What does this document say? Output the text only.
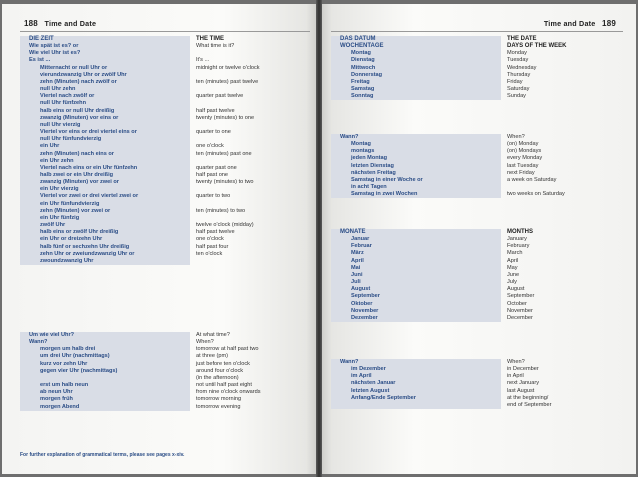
188 Time and Date
DIE ZEIT	THE TIME
Wie spät ist es? or	What time is it?
Wie viel Uhr ist es?
Es ist ...	It's ...
Mitternacht or null Uhr or	midnight or twelve o'clock
vierundzwanzig Uhr or zwölf Uhr
zehn (Minuten) nach zwölf or	ten (minutes) past twelve
null Uhr zehn
Viertel nach zwölf or	quarter past twelve
null Uhr fünfzehn
halb eins or null Uhr dreißig	half past twelve
zwanzig (Minuten) vor eins or	twenty (minutes) to one
null Uhr vierzig
Viertel vor eins or drei viertel eins or	quarter to one
null Uhr fünfundvierzig
ein Uhr	one o'clock
zehn (Minuten) nach eins or	ten (minutes) past one
ein Uhr zehn
Viertel nach eins or ein Uhr fünfzehn	quarter past one
halb zwei or ein Uhr dreißig	half past one
zwanzig (Minuten) vor zwei or	twenty (minutes) to two
ein Uhr vierzig
Viertel vor zwei or drei viertel zwei or	quarter to two
ein Uhr fünfundvierzig
zehn (Minuten) vor zwei or	ten (minutes) to two
ein Uhr fünfzig
zwölf Uhr	twelve o'clock (midday)
halb eins or zwölf Uhr dreißig	half past twelve
ein Uhr or dreizehn Uhr	one o'clock
halb fünf or sechzehn Uhr dreißig	half past four
zehn Uhr or zweiundzwanzig Uhr or	ten o'clock
zwoundzwanzig Uhr
Um wie viel Uhr?	At what time?
Wann?	When?
morgen um halb drei	tomorrow at half past two
um drei Uhr (nachmittags)	at three (pm)
kurz vor zehn Uhr	just before ten o'clock
gegen vier Uhr (nachmittags)	around four o'clock
(in the afternoon)
erst um halb neun	not until half past eight
ab neun Uhr	from nine o'clock onwards
morgen früh	tomorrow morning
morgen Abend	tomorrow evening
For further explanation of grammatical terms, please see pages x-xiv.
Time and Date 189
DAS DATUM	THE DATE
WOCHENTAGE	DAYS OF THE WEEK
Montag	Monday
Dienstag	Tuesday
Mittwoch	Wednesday
Donnerstag	Thursday
Freitag	Friday
Samstag	Saturday
Sonntag	Sunday
Wann?	When?
Montag	(on) Monday
montags	(on) Mondays
jeden Montag	every Monday
letzten Dienstag	last Tuesday
nächsten Freitag	next Friday
Samstag in einer Woche or	a week on Saturday
in acht Tagen
Samstag in zwei Wochen	two weeks on Saturday
MONATE	MONTHS
Januar	January
Februar	February
März	March
April	April
Mai	May
Juni	June
Juli	July
August	August
September	September
Oktober	October
November	November
Dezember	December
Wann?	When?
im Dezember	in December
im April	in April
nächsten Januar	next January
letzten August	last August
Anfang/Ende September	at the beginning/
end of September
